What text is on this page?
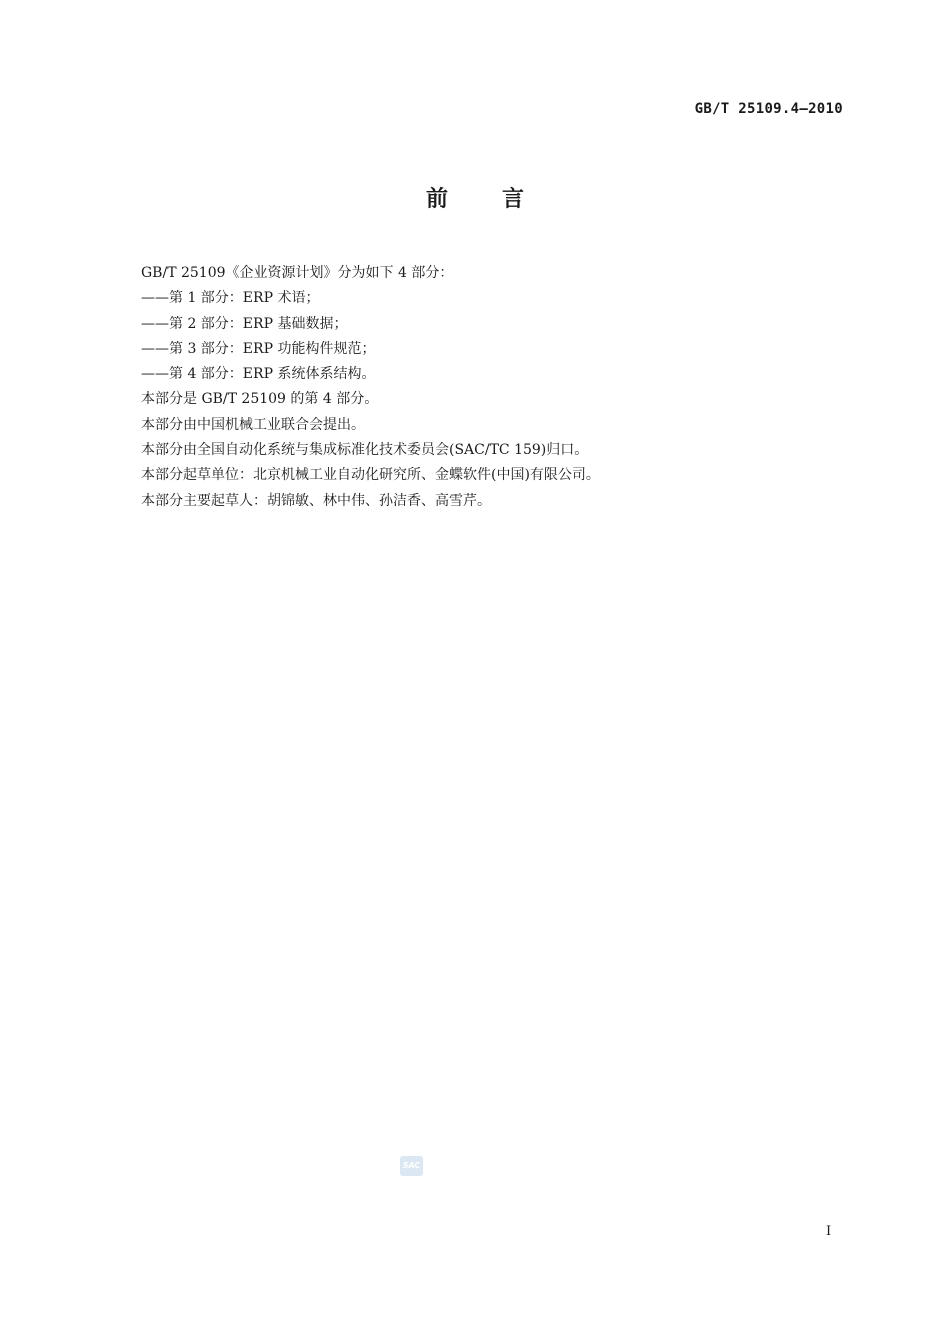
GB/T 25109.4—2010
前言
GB/T 25109《企业资源计划》分为如下 4 部分：
——第 1 部分：ERP 术语；
——第 2 部分：ERP 基础数据；
——第 3 部分：ERP 功能构件规范；
——第 4 部分：ERP 系统体系结构。
本部分是 GB/T 25109 的第 4 部分。
本部分由中国机械工业联合会提出。
本部分由全国自动化系统与集成标准化技术委员会(SAC/TC 159)归口。
本部分起草单位：北京机械工业自动化研究所、金蝶软件(中国)有限公司。
本部分主要起草人：胡锦敏、林中伟、孙洁香、高雪芹。
SAC
I
